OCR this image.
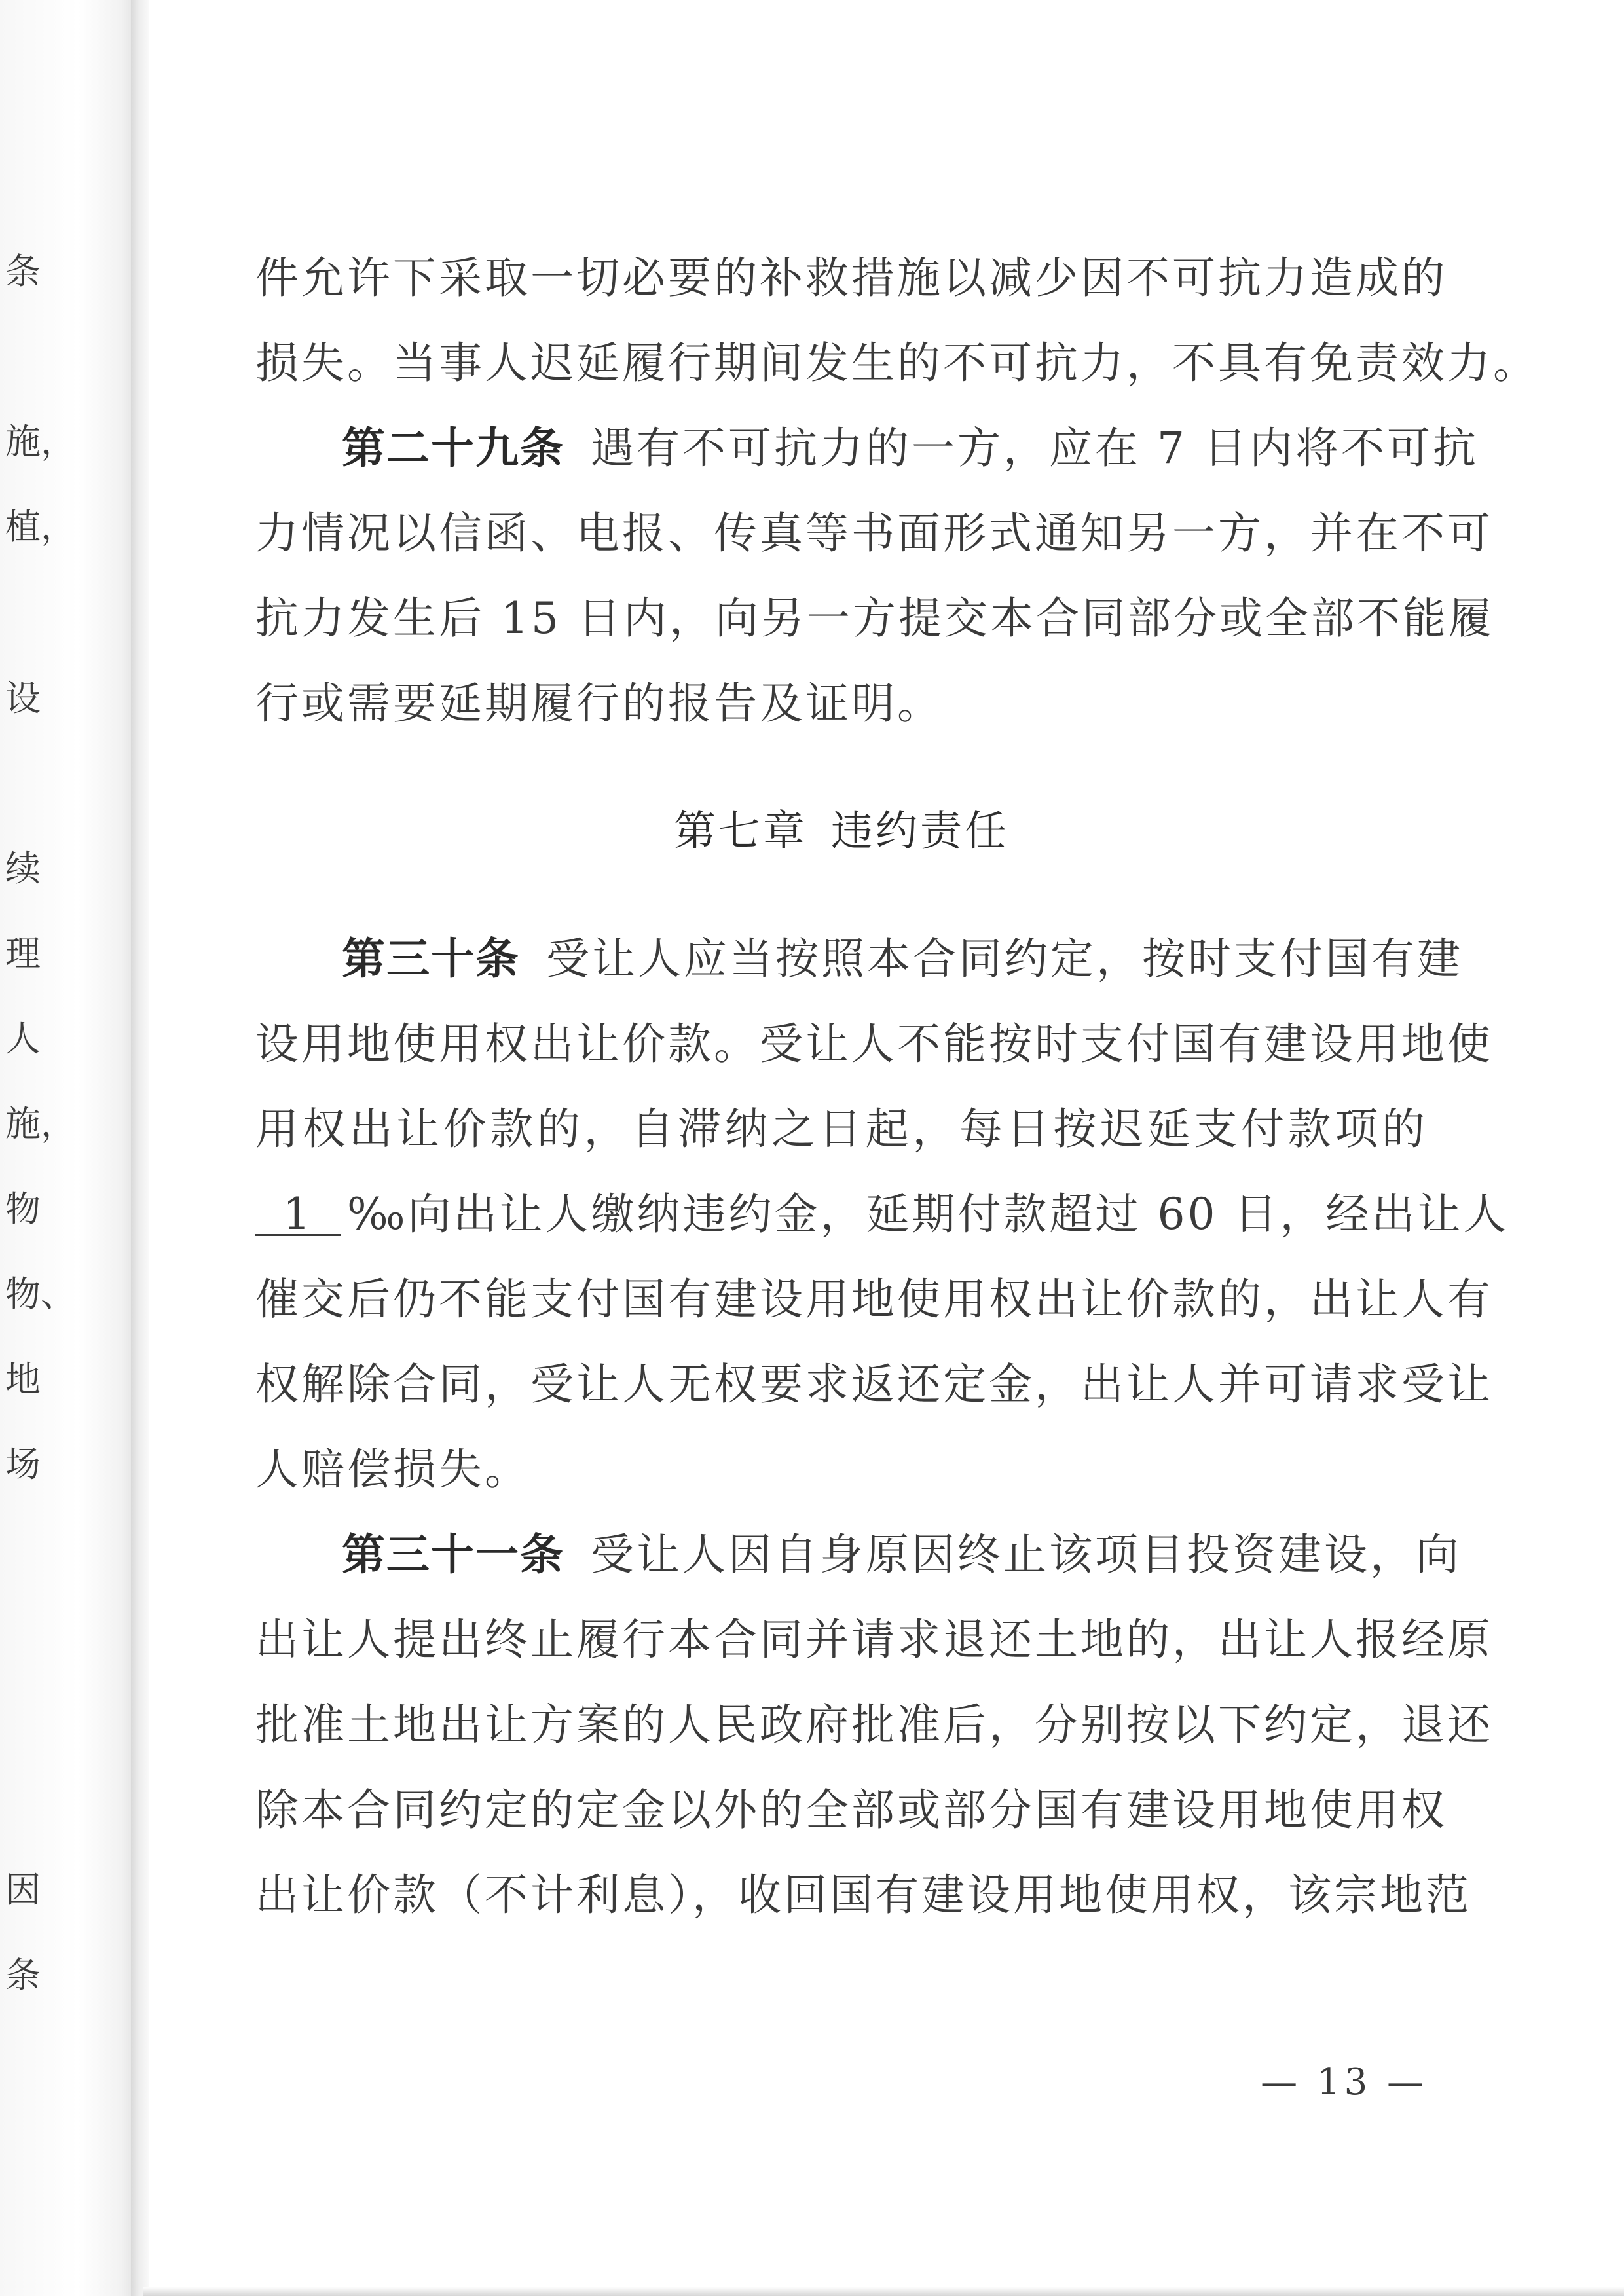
条
施，
植，
设
续
理
人
施，
物
物、
地
场
因
条
件允许下采取一切必要的补救措施以减少因不可抗力造成的
损失。当事人迟延履行期间发生的不可抗力，不具有免责效力。
第二十九条 遇有不可抗力的一方，应在 7 日内将不可抗
力情况以信函、电报、传真等书面形式通知另一方，并在不可
抗力发生后 15 日内，向另一方提交本合同部分或全部不能履
行或需要延期履行的报告及证明。
第七章 违约责任
第三十条 受让人应当按照本合同约定，按时支付国有建
设用地使用权出让价款。受让人不能按时支付国有建设用地使
用权出让价款的，自滞纳之日起，每日按迟延支付款项的
1 ‰向出让人缴纳违约金，延期付款超过 60 日，经出让人
催交后仍不能支付国有建设用地使用权出让价款的，出让人有
权解除合同，受让人无权要求返还定金，出让人并可请求受让
人赔偿损失。
第三十一条 受让人因自身原因终止该项目投资建设，向
出让人提出终止履行本合同并请求退还土地的，出让人报经原
批准土地出让方案的人民政府批准后，分别按以下约定，退还
除本合同约定的定金以外的全部或部分国有建设用地使用权
出让价款（不计利息），收回国有建设用地使用权，该宗地范
— 13 —
